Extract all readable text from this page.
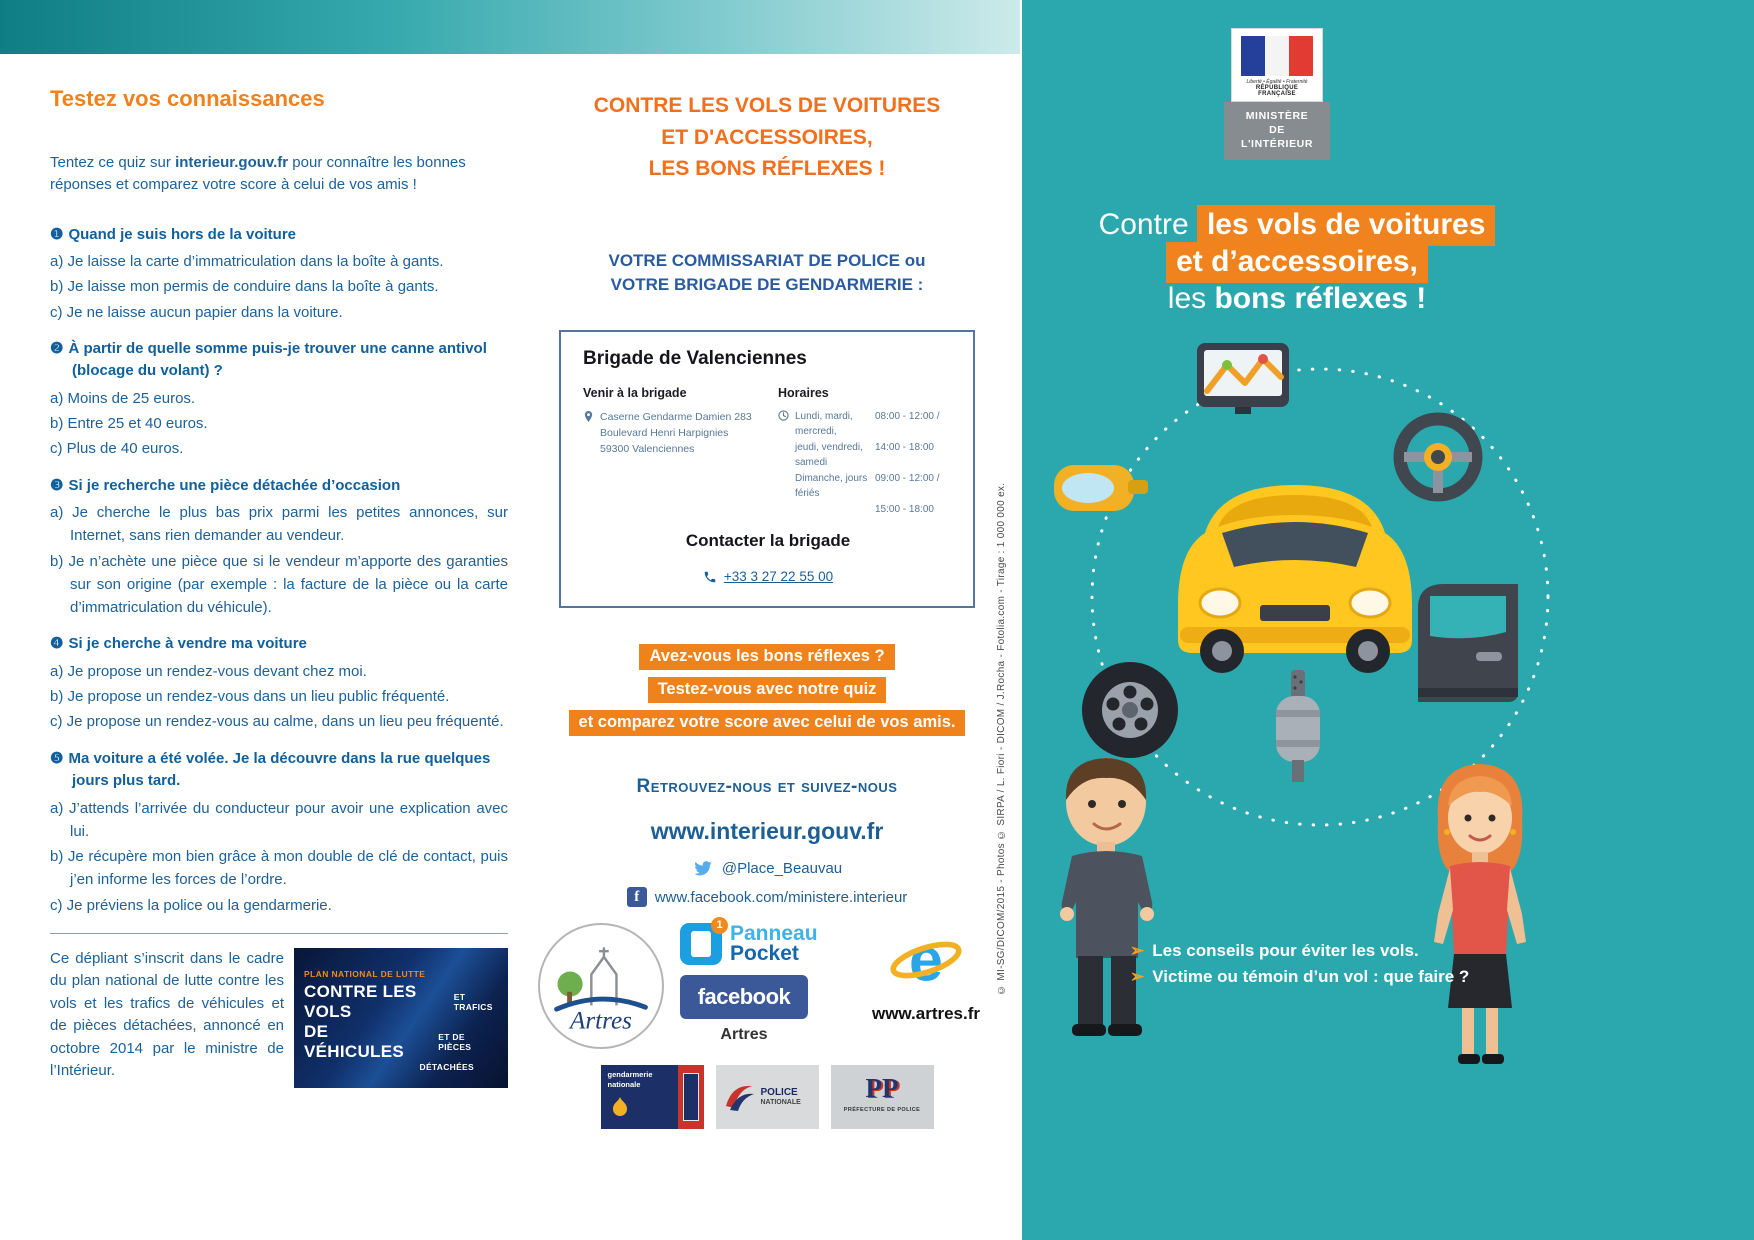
Testez vos connaissances

Tentez ce quiz sur interieur.gouv.fr pour connaître les bonnes réponses et comparez votre score à celui de vos amis !

❶ Quand je suis hors de la voiture
a) Je laisse la carte d’immatriculation dans la boîte à gants.
b) Je laisse mon permis de conduire dans la boîte à gants.
c) Je ne laisse aucun papier dans la voiture.
❷ À partir de quelle somme puis-je trouver une canne antivol (blocage du volant) ?
a) Moins de 25 euros.
b) Entre 25 et 40 euros.
c) Plus de 40 euros.
❸ Si je recherche une pièce détachée d’occasion
a) Je cherche le plus bas prix parmi les petites annonces, sur Internet, sans rien demander au vendeur.
b) Je n’achète une pièce que si le vendeur m’apporte des garanties sur son origine (par exemple : la facture de la pièce ou la carte d’immatriculation du véhicule).
❹ Si je cherche à vendre ma voiture
a) Je propose un rendez-vous devant chez moi.
b) Je propose un rendez-vous dans un lieu public fréquenté.
c) Je propose un rendez-vous au calme, dans un lieu peu fréquenté.
❺ Ma voiture a été volée. Je la découvre dans la rue quelques jours plus tard.
a) J’attends l’arrivée du conducteur pour avoir une explication avec lui.
b) Je récupère mon bien grâce à mon double de clé de contact, puis j’en informe les forces de l’ordre.
c) Je préviens la police ou la gendarmerie.

Ce dépliant s’inscrit dans le cadre du plan national de lutte contre les vols et les trafics de véhicules et de pièces détachées, annoncé en octobre 2014 par le ministre de l’Intérieur.

PLAN NATIONAL DE LUTTE
CONTRE LES VOLS
ET TRAFICS
DE VÉHICULES
ET DE PIÈCES
DÉTACHÉES
CONTRE LES VOLS DE VOITURES
ET D'ACCESSOIRES,
LES BONS RÉFLEXES !
VOTRE COMMISSARIAT DE POLICE ou
VOTRE BRIGADE DE GENDARMERIE :
Brigade de Valenciennes
Venir à la brigade
Caserne Gendarme Damien 283
Boulevard Henri Harpignies
59300 Valenciennes
Horaires
Lundi, mardi, mercredi,
08:00 - 12:00 /
jeudi, vendredi, samedi
14:00 - 18:00
Dimanche, jours fériés
09:00 - 12:00 /
15:00 - 18:00
Contacter la brigade
+33 3 27 22 55 00
Avez-vous les bons réflexes ?
Testez-vous avec notre quiz
et comparez votre score avec celui de vos amis.
Retrouvez-nous et suivez-nous
www.interieur.gouv.fr
@Place_Beauvau
f	www.facebook.com/ministere.interieur
Artres
1 Panneau
Pocket
facebook
Artres
e
www.artres.fr
gendarmerie
nationale
POLICE
NATIONALE	PP
PRÉFECTURE DE POLICE
Liberté • Égalité • Fraternité
RÉPUBLIQUE FRANÇAISE
MINISTÈRE
DE
L'INTÉRIEUR
Contre les vols de voitures
et d’accessoires,
les bons réflexes !
➢ Les conseils pour éviter les vols.
➢ Victime ou témoin d’un vol : que faire ?
© MI-SG/DICOM/2015 - Photos © SIRPA / L. Fiori - DICOM / J.Rocha - Fotolia.com - Tirage : 1 000 000 ex.
